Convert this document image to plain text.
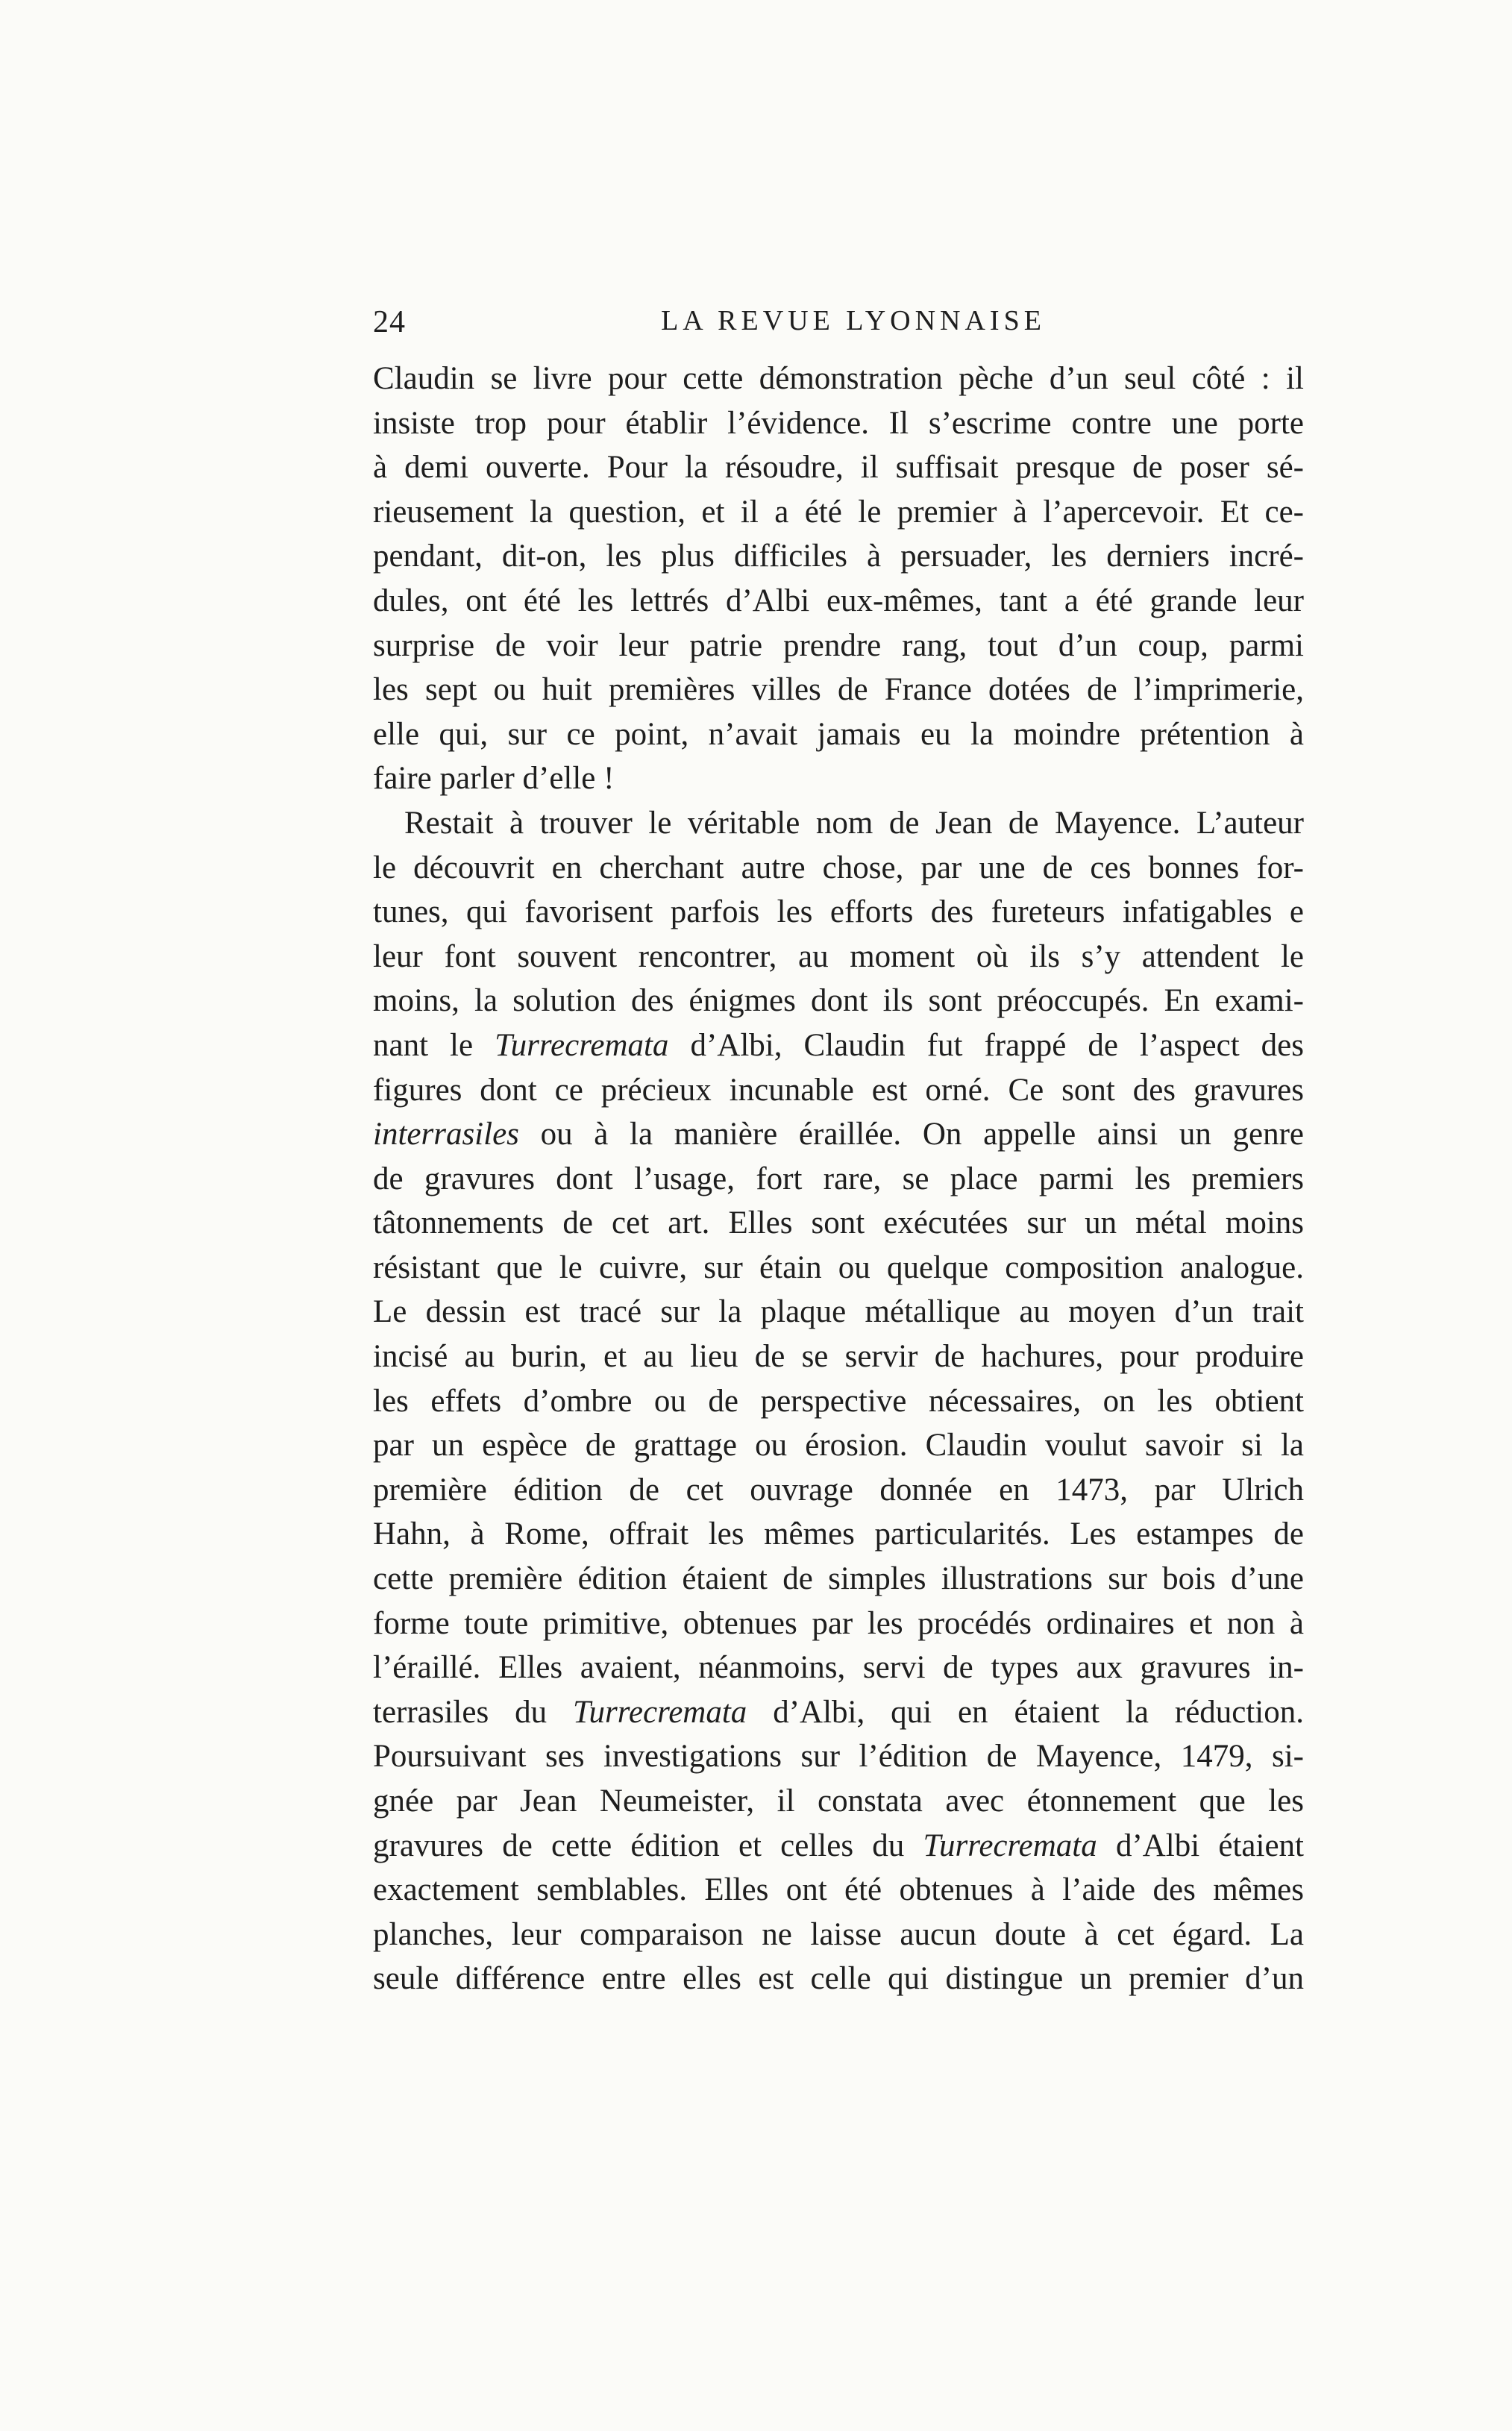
24	LA REVUE LYONNAISE
Claudin se livre pour cette démonstration pèche d’un seul côté : il
insiste trop pour établir l’évidence. Il s’escrime contre une porte
à demi ouverte. Pour la résoudre, il suffisait presque de poser sé-
rieusement la question, et il a été le premier à l’apercevoir. Et ce-
pendant, dit-on, les plus difficiles à persuader, les derniers incré-
dules, ont été les lettrés d’Albi eux-mêmes, tant a été grande leur
surprise de voir leur patrie prendre rang, tout d’un coup, parmi
les sept ou huit premières villes de France dotées de l’imprimerie,
elle qui, sur ce point, n’avait jamais eu la moindre prétention à
faire parler d’elle !
Restait à trouver le véritable nom de Jean de Mayence. L’auteur
le découvrit en cherchant autre chose, par une de ces bonnes for-
tunes, qui favorisent parfois les efforts des fureteurs infatigables e
leur font souvent rencontrer, au moment où ils s’y attendent le
moins, la solution des énigmes dont ils sont préoccupés. En exami-
nant le Turrecremata d’Albi, Claudin fut frappé de l’aspect des
figures dont ce précieux incunable est orné. Ce sont des gravures
interrasiles ou à la manière éraillée. On appelle ainsi un genre
de gravures dont l’usage, fort rare, se place parmi les premiers
tâtonnements de cet art. Elles sont exécutées sur un métal moins
résistant que le cuivre, sur étain ou quelque composition analogue.
Le dessin est tracé sur la plaque métallique au moyen d’un trait
incisé au burin, et au lieu de se servir de hachures, pour produire
les effets d’ombre ou de perspective nécessaires, on les obtient
par un espèce de grattage ou érosion. Claudin voulut savoir si la
première édition de cet ouvrage donnée en 1473, par Ulrich
Hahn, à Rome, offrait les mêmes particularités. Les estampes de
cette première édition étaient de simples illustrations sur bois d’une
forme toute primitive, obtenues par les procédés ordinaires et non à
l’éraillé. Elles avaient, néanmoins, servi de types aux gravures in-
terrasiles du Turrecremata d’Albi, qui en étaient la réduction.
Poursuivant ses investigations sur l’édition de Mayence, 1479, si-
gnée par Jean Neumeister, il constata avec étonnement que les
gravures de cette édition et celles du Turrecremata d’Albi étaient
exactement semblables. Elles ont été obtenues à l’aide des mêmes
planches, leur comparaison ne laisse aucun doute à cet égard. La
seule différence entre elles est celle qui distingue un premier d’un
